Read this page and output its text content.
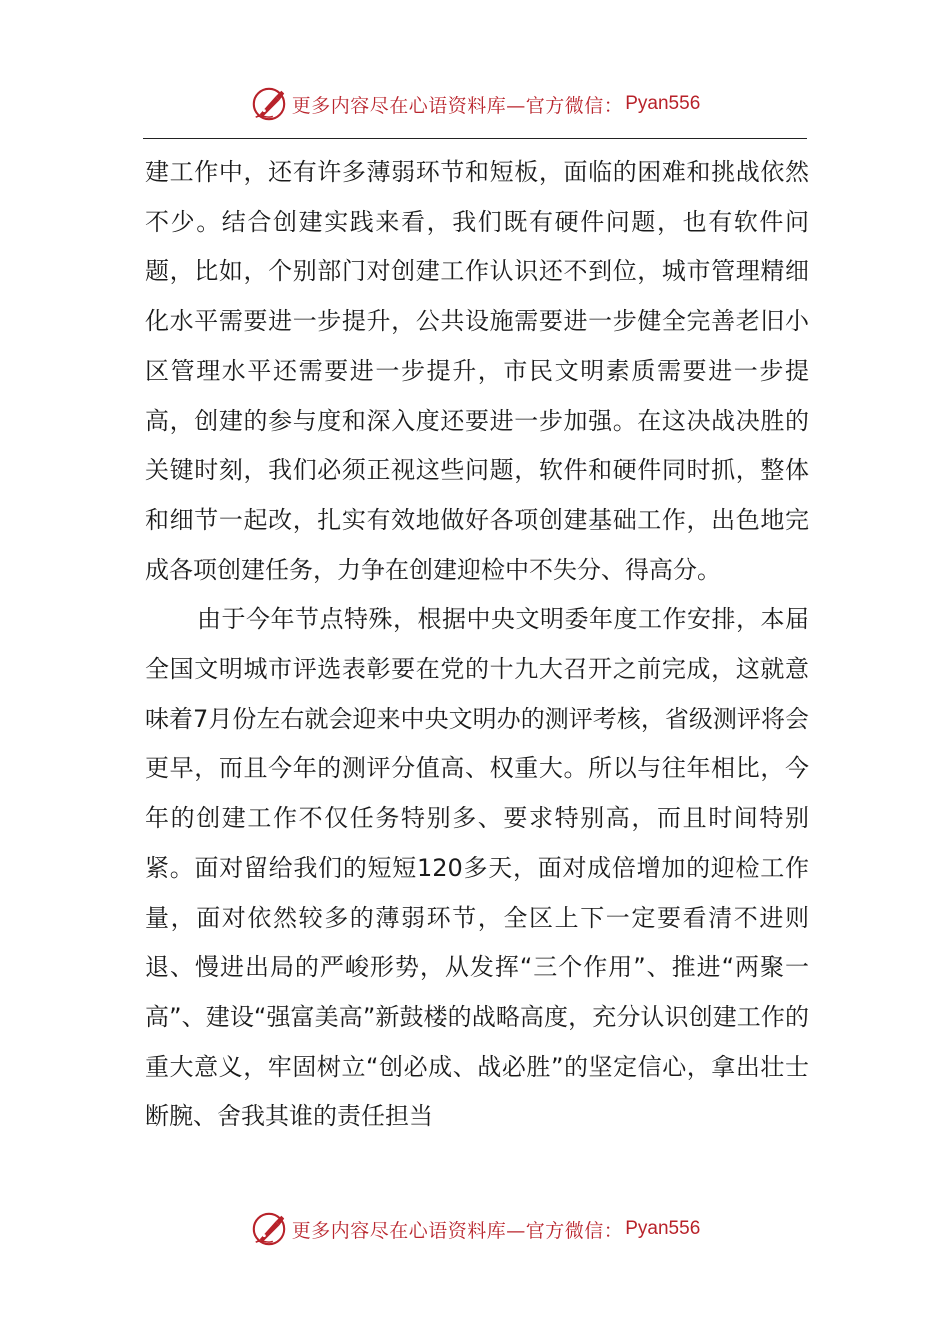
更多内容尽在心语资料库—官方微信： Pyan556

建工作中，还有许多薄弱环节和短板，面临的困难和挑战依然不少。结合创建实践来看，我们既有硬件问题，也有软件问题，比如，个别部门对创建工作认识还不到位，城市管理精细化水平需要进一步提升，公共设施需要进一步健全完善老旧小区管理水平还需要进一步提升，市民文明素质需要进一步提高，创建的参与度和深入度还要进一步加强。在这决战决胜的关键时刻，我们必须正视这些问题，软件和硬件同时抓，整体和细节一起改，扎实有效地做好各项创建基础工作，出色地完成各项创建任务，力争在创建迎检中不失分、得高分。

由于今年节点特殊，根据中央文明委年度工作安排，本届全国文明城市评选表彰要在党的十九大召开之前完成，这就意味着7月份左右就会迎来中央文明办的测评考核，省级测评将会更早，而且今年的测评分值高、权重大。所以与往年相比，今年的创建工作不仅任务特别多、要求特别高，而且时间特别紧。面对留给我们的短短120多天，面对成倍增加的迎检工作量，面对依然较多的薄弱环节，全区上下一定要看清不进则退、慢进出局的严峻形势，从发挥“三个作用”、推进“两聚一高”、建设“强富美高”新鼓楼的战略高度，充分认识创建工作的重大意义，牢固树立“创必成、战必胜”的坚定信心，拿出壮士断腕、舍我其谁的责任担当

更多内容尽在心语资料库—官方微信： Pyan556
